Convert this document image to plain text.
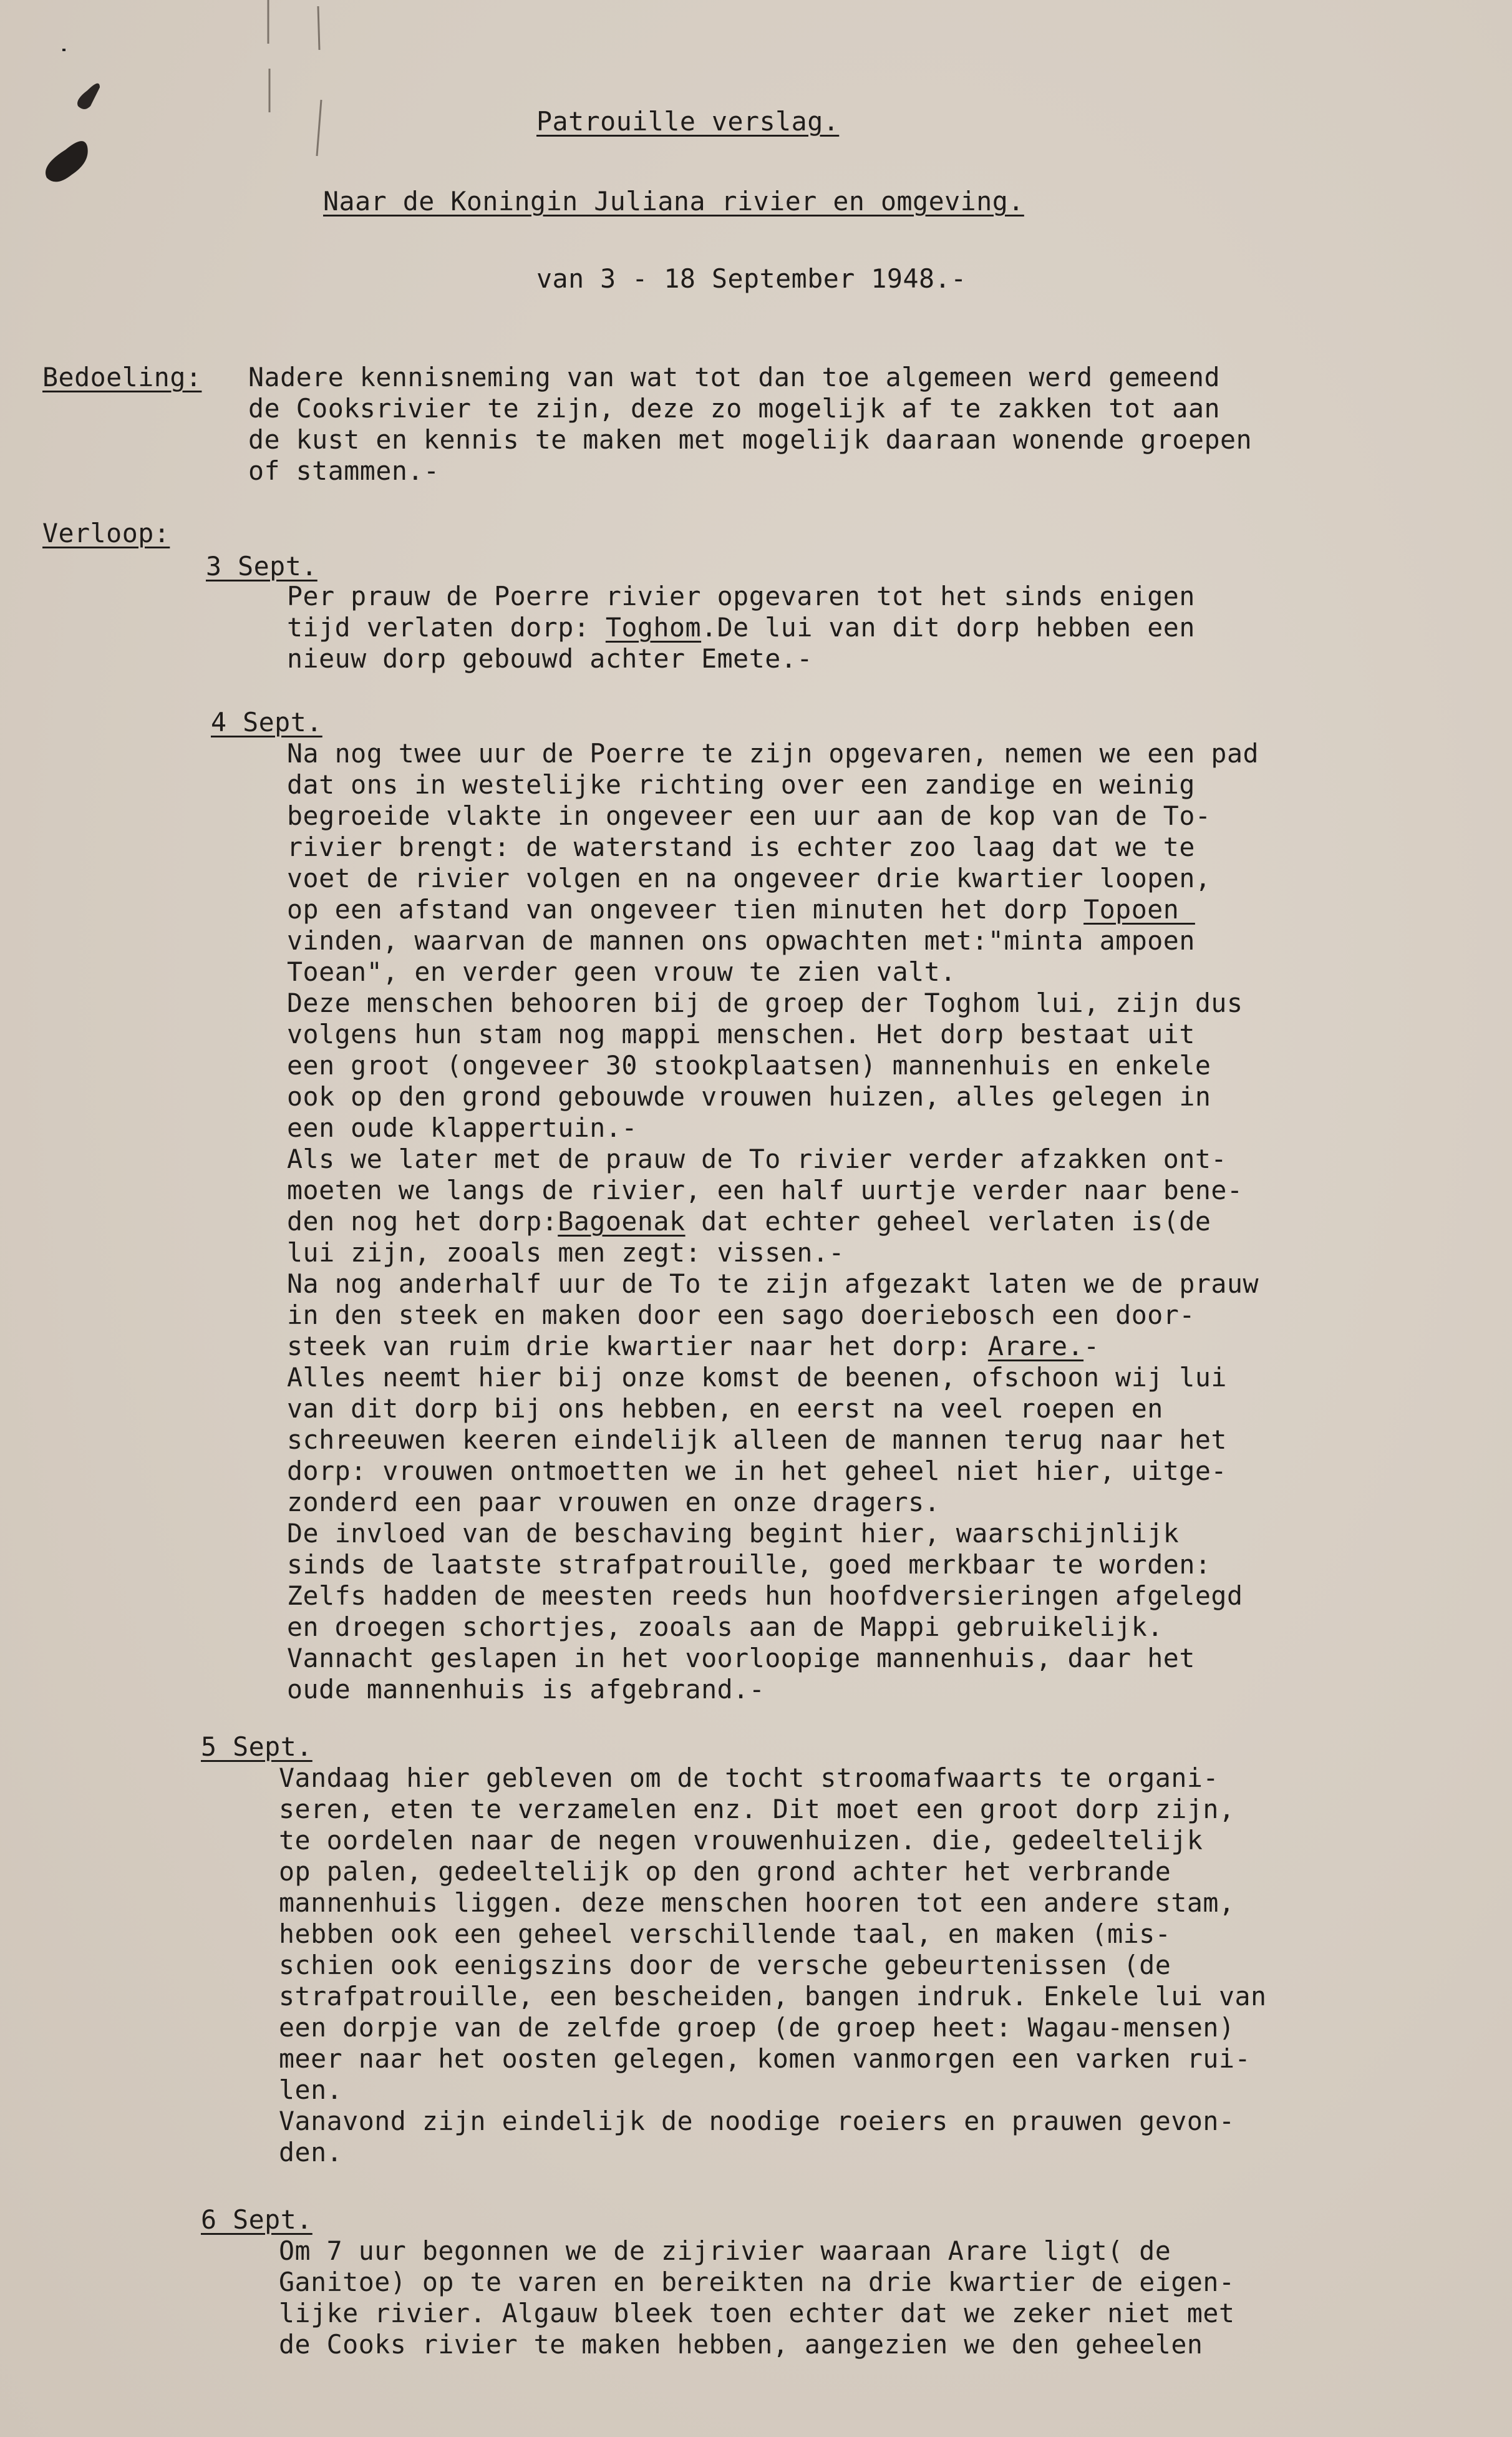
Patrouille verslag.

Naar de Koningin Juliana rivier en omgeving.

van 3 - 18 September 1948.-

Bedoeling: Nadere kennisneming van wat tot dan toe algemeen werd gemeend
de Cooksrivier te zijn, deze zo mogelijk af te zakken tot aan
de kust en kennis te maken met mogelijk daaraan wonende groepen
of stammen.-

Verloop:

3 Sept.

Per prauw de Poerre rivier opgevaren tot het sinds enigen
tijd verlaten dorp: Toghom.De lui van dit dorp hebben een
nieuw dorp gebouwd achter Emete.-

4 Sept.

Na nog twee uur de Poerre te zijn opgevaren, nemen we een pad
dat ons in westelijke richting over een zandige en weinig
begroeide vlakte in ongeveer een uur aan de kop van de To-
rivier brengt: de waterstand is echter zoo laag dat we te
voet de rivier volgen en na ongeveer drie kwartier loopen,
op een afstand van ongeveer tien minuten het dorp Topoen
vinden, waarvan de mannen ons opwachten met:"minta ampoen
Toean", en verder geen vrouw te zien valt.
Deze menschen behooren bij de groep der Toghom lui, zijn dus
volgens hun stam nog mappi menschen. Het dorp bestaat uit
een groot (ongeveer 30 stookplaatsen) mannenhuis en enkele
ook op den grond gebouwde vrouwen huizen, alles gelegen in
een oude klappertuin.-
Als we later met de prauw de To rivier verder afzakken ont-
moeten we langs de rivier, een half uurtje verder naar bene-
den nog het dorp:Bagoenak dat echter geheel verlaten is(de
lui zijn, zooals men zegt: vissen.-
Na nog anderhalf uur de To te zijn afgezakt laten we de prauw
in den steek en maken door een sago doeriebosch een door-
steek van ruim drie kwartier naar het dorp: Arare.-
Alles neemt hier bij onze komst de beenen, ofschoon wij lui
van dit dorp bij ons hebben, en eerst na veel roepen en
schreeuwen keeren eindelijk alleen de mannen terug naar het
dorp: vrouwen ontmoetten we in het geheel niet hier, uitge-
zonderd een paar vrouwen en onze dragers.
De invloed van de beschaving begint hier, waarschijnlijk
sinds de laatste strafpatrouille, goed merkbaar te worden:
Zelfs hadden de meesten reeds hun hoofdversieringen afgelegd
en droegen schortjes, zooals aan de Mappi gebruikelijk.
Vannacht geslapen in het voorloopige mannenhuis, daar het
oude mannenhuis is afgebrand.-

5 Sept.

Vandaag hier gebleven om de tocht stroomafwaarts te organi-
seren, eten te verzamelen enz. Dit moet een groot dorp zijn,
te oordelen naar de negen vrouwenhuizen. die, gedeeltelijk
op palen, gedeeltelijk op den grond achter het verbrande
mannenhuis liggen. deze menschen hooren tot een andere stam,
hebben ook een geheel verschillende taal, en maken (mis-
schien ook eenigszins door de versche gebeurtenissen (de
strafpatrouille, een bescheiden, bangen indruk. Enkele lui van
een dorpje van de zelfde groep (de groep heet: Wagau-mensen)
meer naar het oosten gelegen, komen vanmorgen een varken rui-
len.
Vanavond zijn eindelijk de noodige roeiers en prauwen gevon-
den.

6 Sept.

Om 7 uur begonnen we de zijrivier waaraan Arare ligt( de
Ganitoe) op te varen en bereikten na drie kwartier de eigen-
lijke rivier. Algauw bleek toen echter dat we zeker niet met
de Cooks rivier te maken hebben, aangezien we den geheelen
